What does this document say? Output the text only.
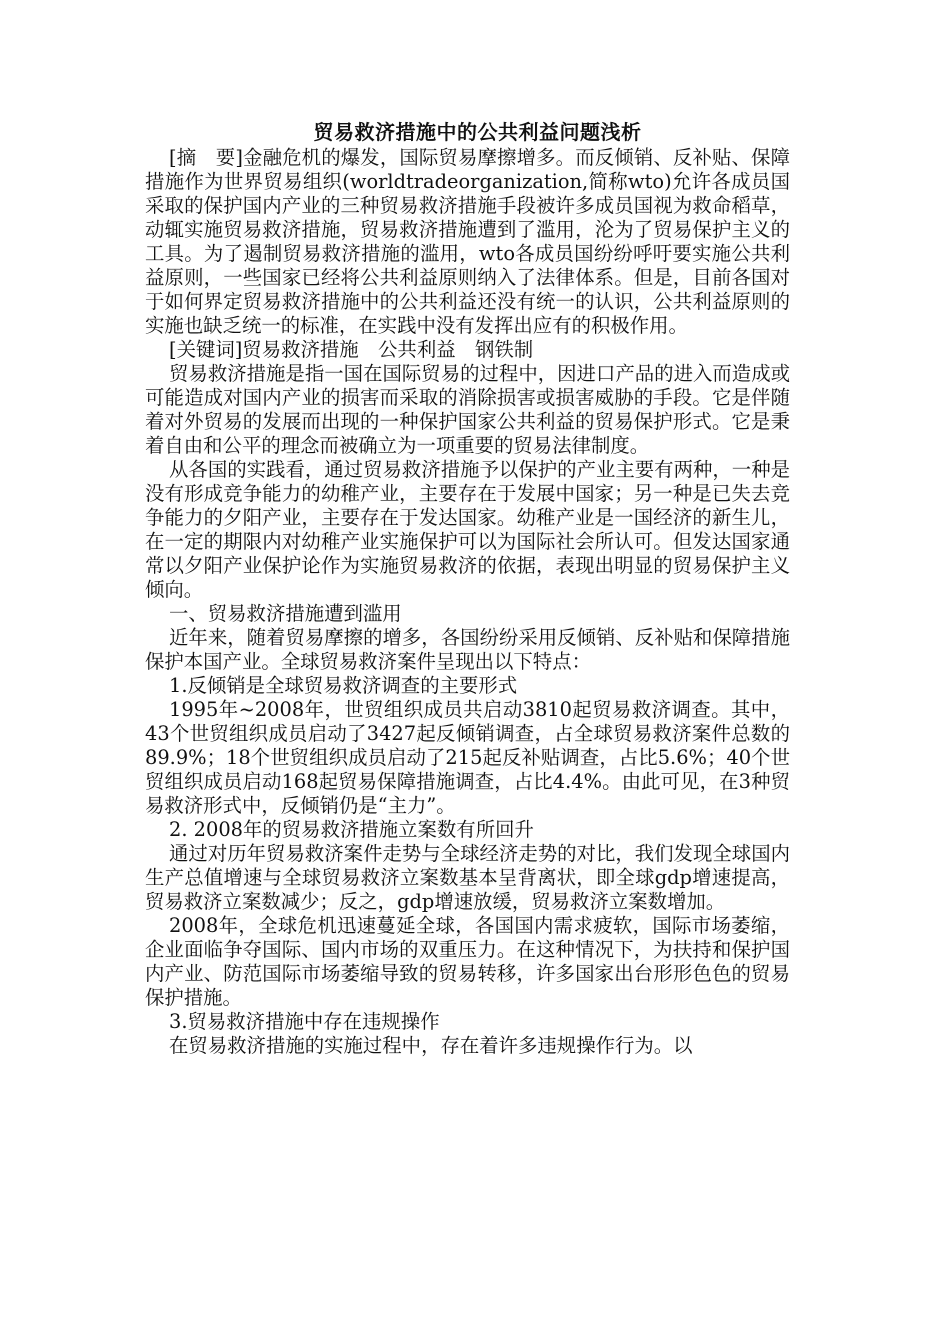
贸易救济措施中的公共利益问题浅析

[摘　要]金融危机的爆发，国际贸易摩擦增多。而反倾销、反补贴、保障措施作为世界贸易组织(worldtradeorganization,简称wto)允许各成员国采取的保护国内产业的三种贸易救济措施手段被许多成员国视为救命稻草，动辄实施贸易救济措施，贸易救济措施遭到了滥用，沦为了贸易保护主义的工具。为了遏制贸易救济措施的滥用，wto各成员国纷纷呼吁要实施公共利益原则，一些国家已经将公共利益原则纳入了法律体系。但是，目前各国对于如何界定贸易救济措施中的公共利益还没有统一的认识，公共利益原则的实施也缺乏统一的标准，在实践中没有发挥出应有的积极作用。

[关键词]贸易救济措施　公共利益　钢铁制

贸易救济措施是指一国在国际贸易的过程中，因进口产品的进入而造成或可能造成对国内产业的损害而采取的消除损害或损害威胁的手段。它是伴随着对外贸易的发展而出现的一种保护国家公共利益的贸易保护形式。它是秉着自由和公平的理念而被确立为一项重要的贸易法律制度。

从各国的实践看，通过贸易救济措施予以保护的产业主要有两种，一种是没有形成竞争能力的幼稚产业，主要存在于发展中国家；另一种是已失去竞争能力的夕阳产业，主要存在于发达国家。幼稚产业是一国经济的新生儿，在一定的期限内对幼稚产业实施保护可以为国际社会所认可。但发达国家通常以夕阳产业保护论作为实施贸易救济的依据，表现出明显的贸易保护主义倾向。

一、贸易救济措施遭到滥用

近年来，随着贸易摩擦的增多，各国纷纷采用反倾销、反补贴和保障措施保护本国产业。全球贸易救济案件呈现出以下特点：

1.反倾销是全球贸易救济调查的主要形式

1995年~2008年，世贸组织成员共启动3810起贸易救济调查。其中，43个世贸组织成员启动了3427起反倾销调查，占全球贸易救济案件总数的89.9%；18个世贸组织成员启动了215起反补贴调查，占比5.6%；40个世贸组织成员启动168起贸易保障措施调查，占比4.4%。由此可见，在3种贸易救济形式中，反倾销仍是“主力”。

2. 2008年的贸易救济措施立案数有所回升

通过对历年贸易救济案件走势与全球经济走势的对比，我们发现全球国内生产总值增速与全球贸易救济立案数基本呈背离状，即全球gdp增速提高，贸易救济立案数减少；反之，gdp增速放缓，贸易救济立案数增加。

2008年，全球危机迅速蔓延全球，各国国内需求疲软，国际市场萎缩，企业面临争夺国际、国内市场的双重压力。在这种情况下，为扶持和保护国内产业、防范国际市场萎缩导致的贸易转移，许多国家出台形形色色的贸易保护措施。

3.贸易救济措施中存在违规操作

在贸易救济措施的实施过程中，存在着许多违规操作行为。以
